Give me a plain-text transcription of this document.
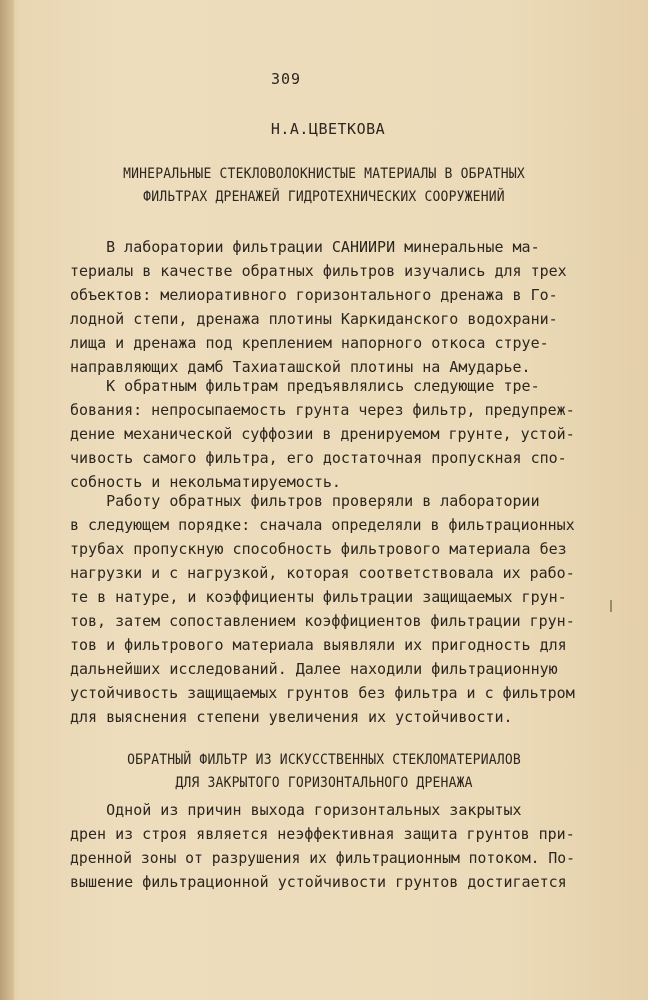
309
Н.А.ЦВЕТКОВА
МИНЕРАЛЬНЫЕ СТЕКЛОВОЛОКНИСТЫЕ МАТЕРИАЛЫ В ОБРАТНЫХ ФИЛЬТРАХ ДРЕНАЖЕЙ ГИДРОТЕХНИЧЕСКИХ СООРУЖЕНИЙ
В лаборатории фильтрации САНИИРИ минеральные ма-
териалы в качестве обратных фильтров изучались для трех
объектов: мелиоративного горизонтального дренажа в Го-
лодной степи, дренажа плотины Каркиданского водохрани-
лища и дренажа под креплением напорного откоса струе-
направляющих дамб Тахиаташской плотины на Амударье.
К обратным фильтрам предъявлялись следующие тре-
бования: непросыпаемость грунта через фильтр, предупреж-
дение механической суффозии в дренируемом грунте, устой-
чивость самого фильтра, его достаточная пропускная спо-
собность и некольматируемость.
Работу обратных фильтров проверяли в лаборатории
в следующем порядке: сначала определяли в фильтрационных
трубах пропускную способность фильтрового материала без
нагрузки и с нагрузкой, которая соответствовала их рабо-
те в натуре, и коэффициенты фильтрации защищаемых грун-
тов, затем сопоставлением коэффициентов фильтрации грун-
тов и фильтрового материала выявляли их пригодность для
дальнейших исследований. Далее находили фильтрационную
устойчивость защищаемых грунтов без фильтра и с фильтром
для выяснения степени увеличения их устойчивости.
ОБРАТНЫЙ ФИЛЬТР ИЗ ИСКУССТВЕННЫХ СТЕКЛОМАТЕРИАЛОВ ДЛЯ ЗАКРЫТОГО ГОРИЗОНТАЛЬНОГО ДРЕНАЖА
Одной из причин выхода горизонтальных закрытых
дрен из строя является неэффективная защита грунтов при-
дренной зоны от разрушения их фильтрационным потоком. По-
вышение фильтрационной устойчивости грунтов достигается
